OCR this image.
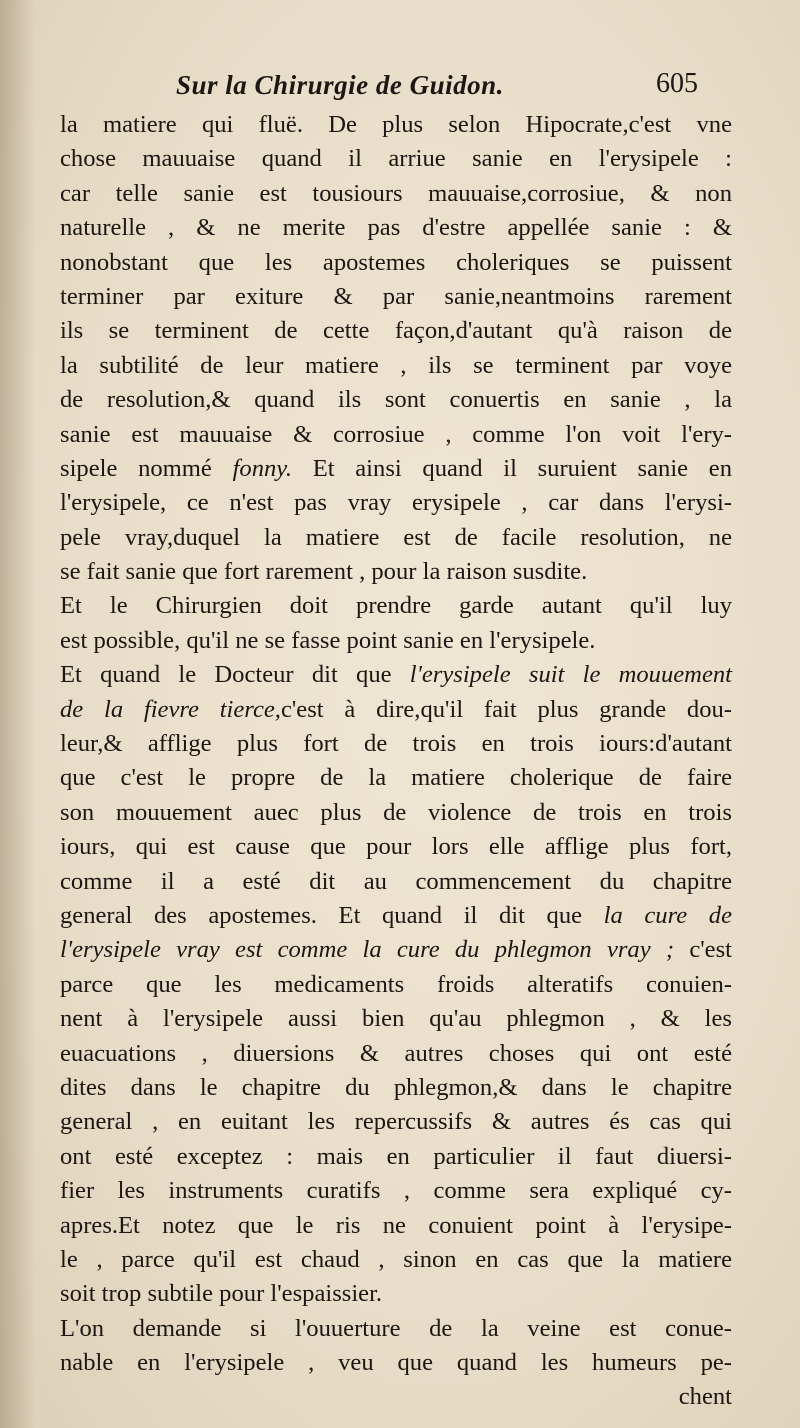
Sur la Chirurgie de Guidon.	605
la matiere qui fluë. De plus selon Hipocrate,c'est vne
chose mauuaise quand il arriue sanie en l'erysipele :
car telle sanie est tousiours mauuaise,corrosiue, & non
naturelle , & ne merite pas d'estre appellée sanie : &
nonobstant que les apostemes choleriques se puissent
terminer par exiture & par sanie,neantmoins rarement
ils se terminent de cette façon,d'autant qu'à raison de
la subtilité de leur matiere , ils se terminent par voye
de resolution,& quand ils sont conuertis en sanie , la
sanie est mauuaise & corrosiue , comme l'on voit l'ery-
sipele nommé fonny. Et ainsi quand il suruient sanie en
l'erysipele, ce n'est pas vray erysipele , car dans l'erysi-
pele vray,duquel la matiere est de facile resolution, ne
se fait sanie que fort rarement , pour la raison susdite.
Et le Chirurgien doit prendre garde autant qu'il luy
est possible, qu'il ne se fasse point sanie en l'erysipele.
Et quand le Docteur dit que l'erysipele suit le mouuement
de la fievre tierce,c'est à dire,qu'il fait plus grande dou-
leur,& afflige plus fort de trois en trois iours:d'autant
que c'est le propre de la matiere cholerique de faire
son mouuement auec plus de violence de trois en trois
iours, qui est cause que pour lors elle afflige plus fort,
comme il a esté dit au commencement du chapitre
general des apostemes. Et quand il dit que la cure de
l'erysipele vray est comme la cure du phlegmon vray ; c'est
parce que les medicaments froids alteratifs conuien-
nent à l'erysipele aussi bien qu'au phlegmon , & les
euacuations , diuersions & autres choses qui ont esté
dites dans le chapitre du phlegmon,& dans le chapitre
general , en euitant les repercussifs & autres és cas qui
ont esté exceptez : mais en particulier il faut diuersi-
fier les instruments curatifs , comme sera expliqué cy-
apres.Et notez que le ris ne conuient point à l'erysipe-
le , parce qu'il est chaud , sinon en cas que la matiere
soit trop subtile pour l'espaissier.
L'on demande si l'ouuerture de la veine est conue-
nable en l'erysipele , veu que quand les humeurs pe-
chent
